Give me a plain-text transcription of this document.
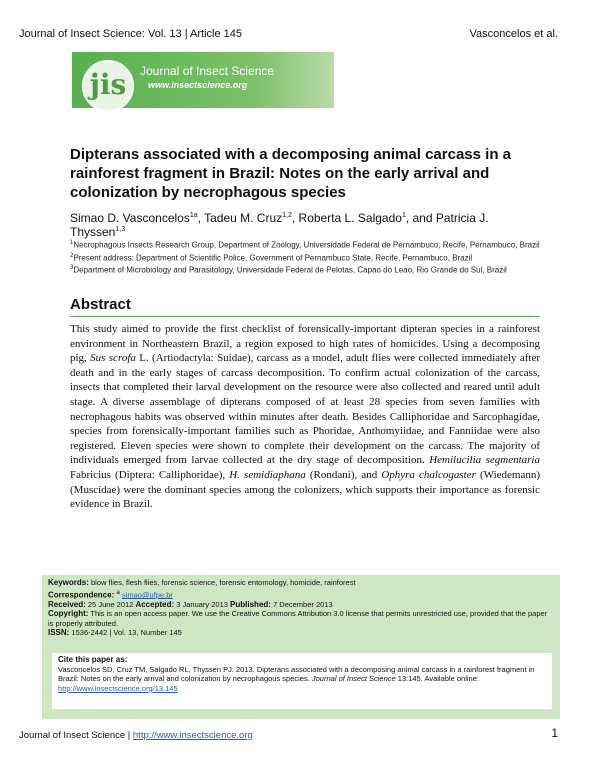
Journal of Insect Science: Vol. 13 | Article 145	Vasconcelos et al.
jis	Journal of Insect Science
www.insectscience.org
Dipterans associated with a decomposing animal carcass in a rainforest fragment in Brazil: Notes on the early arrival and colonization by necrophagous species
Simao D. Vasconcelos$^{1a}$, Tadeu M. Cruz$^{1,2}$, Roberta L. Salgado$^1$, and Patricia J. Thyssen$^{1,3}$
$^1$Necrophagous Insects Research Group, Department of Zoology, Universidade Federal de Pernambuco, Recife, Pernambuco, Brazil
$^2$Present address: Department of Scientific Police, Government of Pernambuco State, Recife, Pernambuco, Brazil
$^3$Department of Microbiology and Parasitology, Universidade Federal de Pelotas, Capao do Leao, Rio Grande do Sul, Brazil
Abstract
This study aimed to provide the first checklist of forensically-important dipteran species in a rainforest environment in Northeastern Brazil, a region exposed to high rates of homicides. Using a decomposing pig, Sus scrofa L. (Artiodactyla: Suidae), carcass as a model, adult flies were collected immediately after death and in the early stages of carcass decomposition. To confirm actual colonization of the carcass, insects that completed their larval development on the resource were also collected and reared until adult stage. A diverse assemblage of dipterans composed of at least 28 species from seven families with necrophagous habits was observed within minutes after death. Besides Calliphoridae and Sarcophagidae, species from forensically-important families such as Phoridae, Anthomyiidae, and Fanniidae were also registered. Eleven species were shown to complete their development on the carcass. The majority of individuals emerged from larvae collected at the dry stage of decomposition. Hemilucilia segmentaria Fabricius (Diptera: Calliphoridae), H. semidiaphana (Rondani), and Ophyra chalcogaster (Wiedemann) (Muscidae) were the dominant species among the colonizers, which supports their importance as forensic evidence in Brazil.
Keywords: blow flies, flesh flies, forensic science, forensic entomology, homicide, rainforest
Correspondence: $^a$ simao@ufpe.br
Received: 25 June 2012 Accepted: 3 January 2013 Published: 7 December 2013
Copyright: This is an open access paper. We use the Creative Commons Attribution 3.0 license that permits unrestricted use, provided that the paper is properly attributed.
ISSN: 1536-2442 | Vol. 13, Number 145
Cite this paper as:
Vasconcelos SD, Cruz TM, Salgado RL, Thyssen PJ. 2013. Dipterans associated with a decomposing animal carcass in a rainforest fragment in Brazil: Notes on the early arrival and colonization by necrophagous species. Journal of Insect Science 13:145. Available online: http://www.insectscience.org/13.145
Journal of Insect Science | http://www.insectscience.org	1
